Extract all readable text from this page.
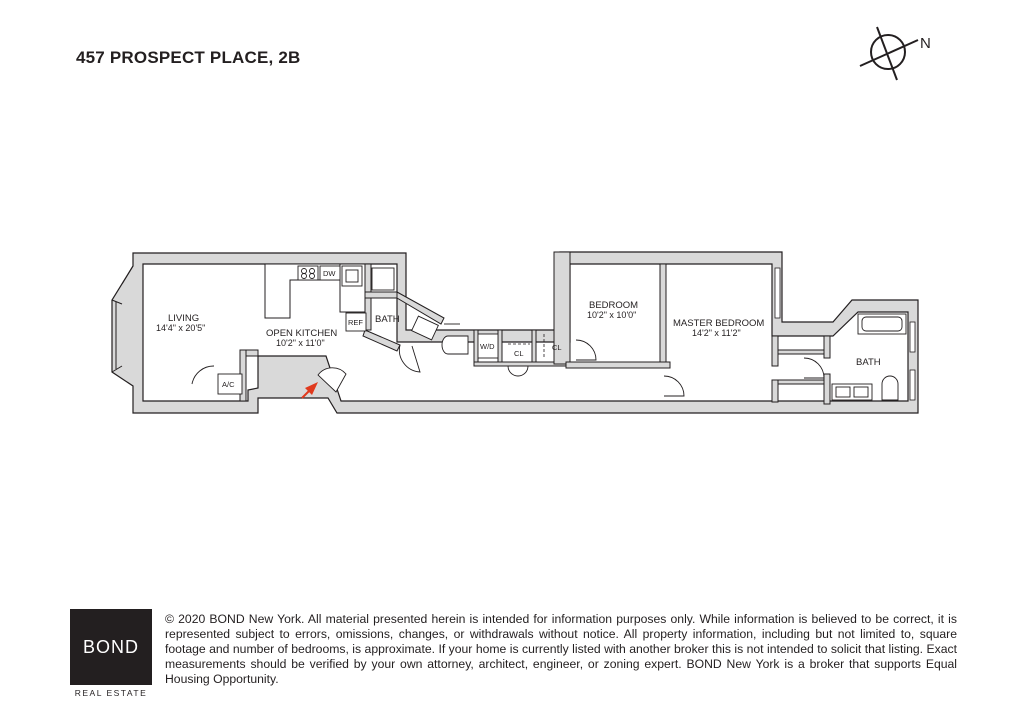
457 PROSPECT PLACE, 2B
N
LIVING
14'4" x 20'5"	OPEN KITCHEN
10'2" x 11'0"
BATH
BEDROOM
10'2" x 10'0"
MASTER BEDROOM
14'2" x 11'2"
BATH
DW
REF
A/C
W/D
CL
CL
BOND
REAL ESTATE
© 2020 BOND New York. All material presented herein is intended for information purposes only. While information is believed to be correct, it is represented subject to errors, omissions, changes, or withdrawals without notice. All property information, including but not limited to, square footage and number of bedrooms, is approximate. If your home is currently listed with another broker this is not intended to solicit that listing. Exact measurements should be verified by your own attorney, architect, engineer, or zoning expert. BOND New York is a broker that supports Equal Housing Opportunity.
